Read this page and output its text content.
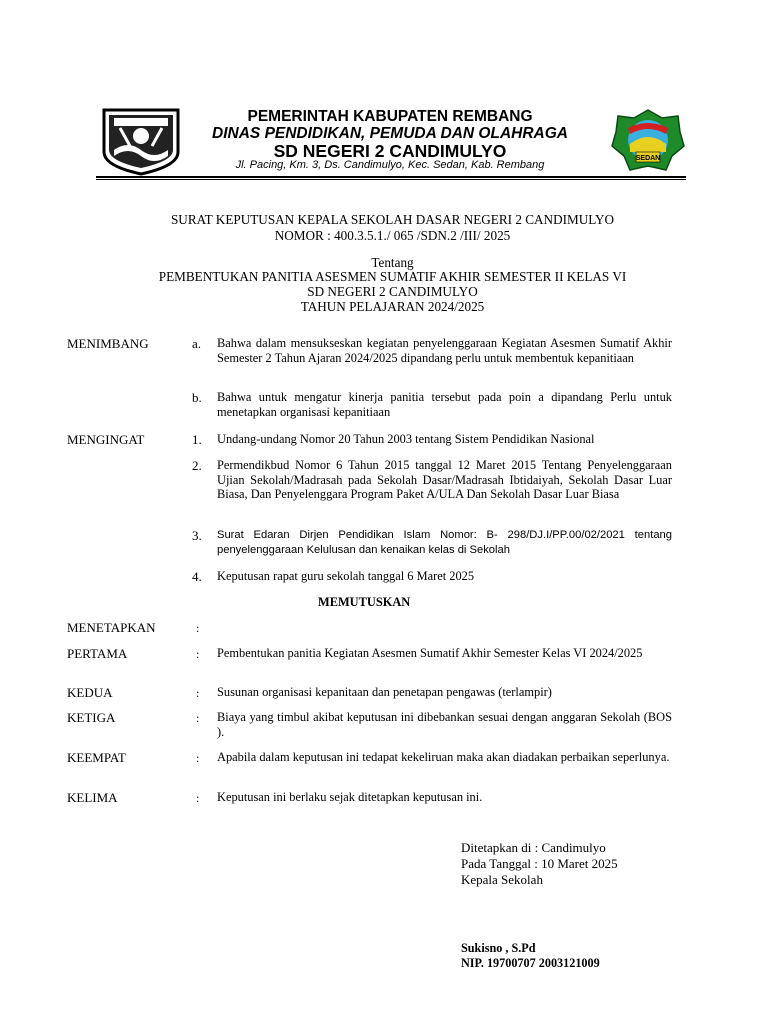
PEMERINTAH KABUPATEN REMBANG
DINAS PENDIDIKAN, PEMUDA DAN OLAHRAGA
SD NEGERI 2 CANDIMULYO
Jl. Pacing, Km. 3, Ds. Candimulyo, Kec. Sedan, Kab. Rembang
SEDAN
SURAT KEPUTUSAN KEPALA SEKOLAH DASAR NEGERI 2 CANDIMULYO
NOMOR : 400.3.5.1./ 065 /SDN.2 /III/ 2025
Tentang
PEMBENTUKAN PANITIA ASESMEN SUMATIF AKHIR SEMESTER II KELAS VI
SD NEGERI 2 CANDIMULYO
TAHUN PELAJARAN 2024/2025
MENIMBANG	a.	Bahwa dalam mensukseskan kegiatan penyelenggaraan Kegiatan Asesmen Sumatif Akhir Semester 2 Tahun Ajaran 2024/2025 dipandang perlu untuk membentuk kepanitiaan
b.	Bahwa untuk mengatur kinerja panitia tersebut pada poin a dipandang Perlu untuk menetapkan organisasi kepanitiaan
MENGINGAT	1.	Undang-undang Nomor 20 Tahun 2003 tentang Sistem Pendidikan Nasional
2.	Permendikbud Nomor 6 Tahun 2015 tanggal 12 Maret 2015 Tentang Penyelenggaraan Ujian Sekolah/Madrasah pada Sekolah Dasar/Madrasah Ibtidaiyah, Sekolah Dasar Luar Biasa, Dan Penyelenggara Program Paket A/ULA Dan Sekolah Dasar Luar Biasa
3.	Surat Edaran Dirjen Pendidikan Islam Nomor: B- 298/DJ.I/PP.00/02/2021 tentang penyelenggaraan Kelulusan dan kenaikan kelas di Sekolah
4.	Keputusan rapat guru sekolah tanggal 6 Maret 2025
MEMUTUSKAN
MENETAPKAN	:
PERTAMA	: Pembentukan panitia Kegiatan Asesmen Sumatif Akhir Semester Kelas VI 2024/2025
KEDUA	: Susunan organisasi kepanitaan dan penetapan pengawas (terlampir)
KETIGA	: Biaya yang timbul akibat keputusan ini dibebankan sesuai dengan anggaran Sekolah (BOS ).
KEEMPAT	: Apabila dalam keputusan ini tedapat kekeliruan maka akan diadakan perbaikan seperlunya.
KELIMA	: Keputusan ini berlaku sejak ditetapkan keputusan ini.
Ditetapkan di : Candimulyo
Pada Tanggal : 10 Maret 2025
Kepala Sekolah
Sukisno , S.Pd
NIP. 19700707 2003121009
